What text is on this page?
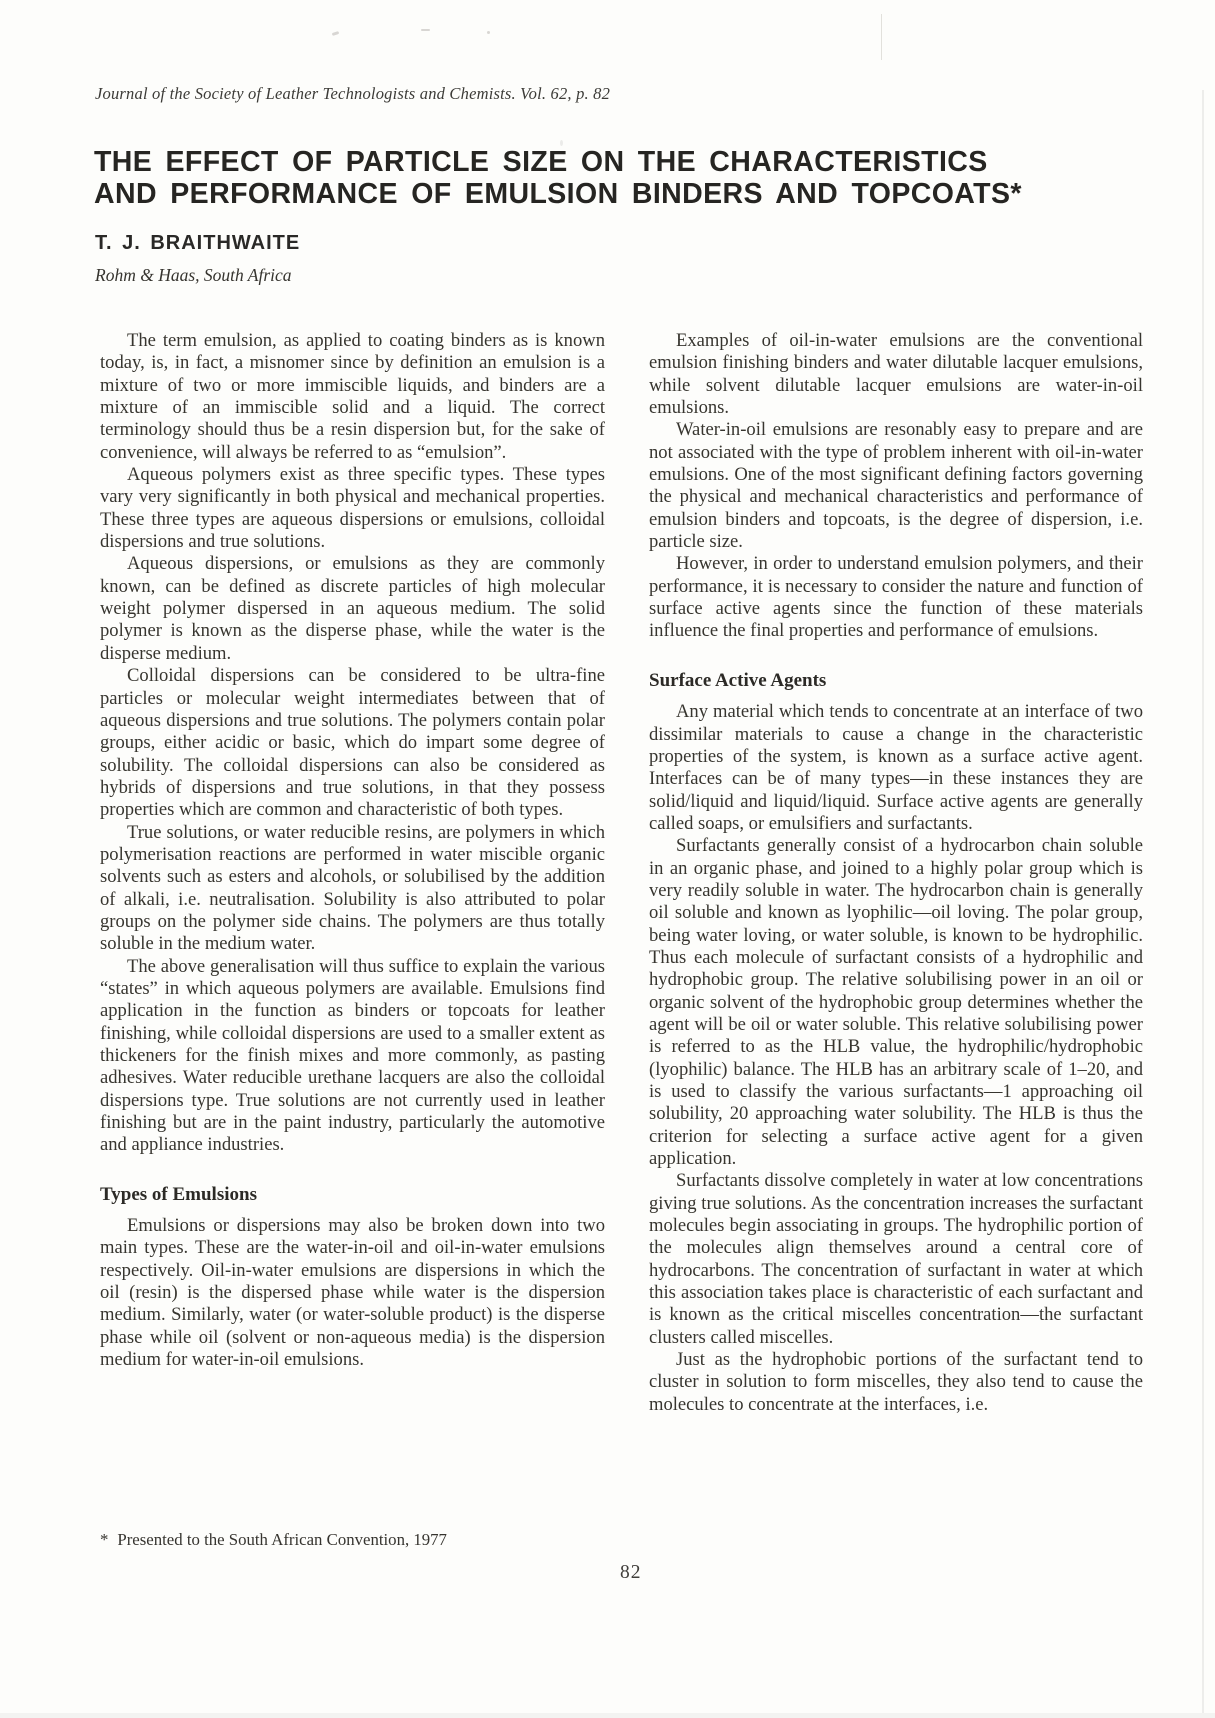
Journal of the Society of Leather Technologists and Chemists. Vol. 62, p. 82
THE EFFECT OF PARTICLE SIZE ON THE CHARACTERISTICS
AND PERFORMANCE OF EMULSION BINDERS AND TOPCOATS*
T. J. BRAITHWAITE
Rohm & Haas, South Africa

The term emulsion, as applied to coating binders as is known today, is, in fact, a misnomer since by definition an emulsion is a mixture of two or more immiscible liquids, and binders are a mixture of an immiscible solid and a liquid. The correct terminology should thus be a resin dispersion but, for the sake of convenience, will always be referred to as “emulsion”.

Aqueous polymers exist as three specific types. These types vary very significantly in both physical and mechanical properties. These three types are aqueous dispersions or emulsions, colloidal dispersions and true solutions.

Aqueous dispersions, or emulsions as they are commonly known, can be defined as discrete particles of high molecular weight polymer dispersed in an aqueous medium. The solid polymer is known as the disperse phase, while the water is the disperse medium.

Colloidal dispersions can be considered to be ultra-fine particles or molecular weight intermediates between that of aqueous dispersions and true solutions. The polymers contain polar groups, either acidic or basic, which do impart some degree of solubility. The colloidal dispersions can also be considered as hybrids of dispersions and true solutions, in that they possess properties which are common and characteristic of both types.

True solutions, or water reducible resins, are polymers in which polymerisation reactions are performed in water miscible organic solvents such as esters and alcohols, or solubilised by the addition of alkali, i.e. neutralisation. Solubility is also attributed to polar groups on the polymer side chains. The polymers are thus totally soluble in the medium water.

The above generalisation will thus suffice to explain the various “states” in which aqueous polymers are available. Emulsions find application in the function as binders or topcoats for leather finishing, while colloidal dispersions are used to a smaller extent as thickeners for the finish mixes and more commonly, as pasting adhesives. Water reducible urethane lacquers are also the colloidal dispersions type. True solutions are not currently used in leather finishing but are in the paint industry, particularly the automotive and appliance industries.

Types of Emulsions

Emulsions or dispersions may also be broken down into two main types. These are the water-in-oil and oil-in-water emulsions respectively. Oil-in-water emulsions are dispersions in which the oil (resin) is the dispersed phase while water is the dispersion medium. Similarly, water (or water-soluble product) is the disperse phase while oil (solvent or non-aqueous media) is the dispersion medium for water-in-oil emulsions.

Examples of oil-in-water emulsions are the conventional emulsion finishing binders and water dilutable lacquer emulsions, while solvent dilutable lacquer emulsions are water-in-oil emulsions.

Water-in-oil emulsions are resonably easy to prepare and are not associated with the type of problem inherent with oil-in-water emulsions. One of the most significant defining factors governing the physical and mechanical characteristics and performance of emulsion binders and topcoats, is the degree of dispersion, i.e. particle size.

However, in order to understand emulsion polymers, and their performance, it is necessary to consider the nature and function of surface active agents since the function of these materials influence the final properties and performance of emulsions.

Surface Active Agents

Any material which tends to concentrate at an interface of two dissimilar materials to cause a change in the characteristic properties of the system, is known as a surface active agent. Interfaces can be of many types—in these instances they are solid/liquid and liquid/liquid. Surface active agents are generally called soaps, or emulsifiers and surfactants.

Surfactants generally consist of a hydrocarbon chain soluble in an organic phase, and joined to a highly polar group which is very readily soluble in water. The hydrocarbon chain is generally oil soluble and known as lyophilic—oil loving. The polar group, being water loving, or water soluble, is known to be hydrophilic. Thus each molecule of surfactant consists of a hydrophilic and hydrophobic group. The relative solubilising power in an oil or organic solvent of the hydrophobic group determines whether the agent will be oil or water soluble. This relative solubilising power is referred to as the HLB value, the hydrophilic/hydrophobic (lyophilic) balance. The HLB has an arbitrary scale of 1–20, and is used to classify the various surfactants—1 approaching oil solubility, 20 approaching water solubility. The HLB is thus the criterion for selecting a surface active agent for a given application.

Surfactants dissolve completely in water at low concentrations giving true solutions. As the concentration increases the surfactant molecules begin associating in groups. The hydrophilic portion of the molecules align themselves around a central core of hydrocarbons. The concentration of surfactant in water at which this association takes place is characteristic of each surfactant and is known as the critical miscelles concentration—the surfactant clusters called miscelles.

Just as the hydrophobic portions of the surfactant tend to cluster in solution to form miscelles, they also tend to cause the molecules to concentrate at the interfaces, i.e.

* Presented to the South African Convention, 1977
82
